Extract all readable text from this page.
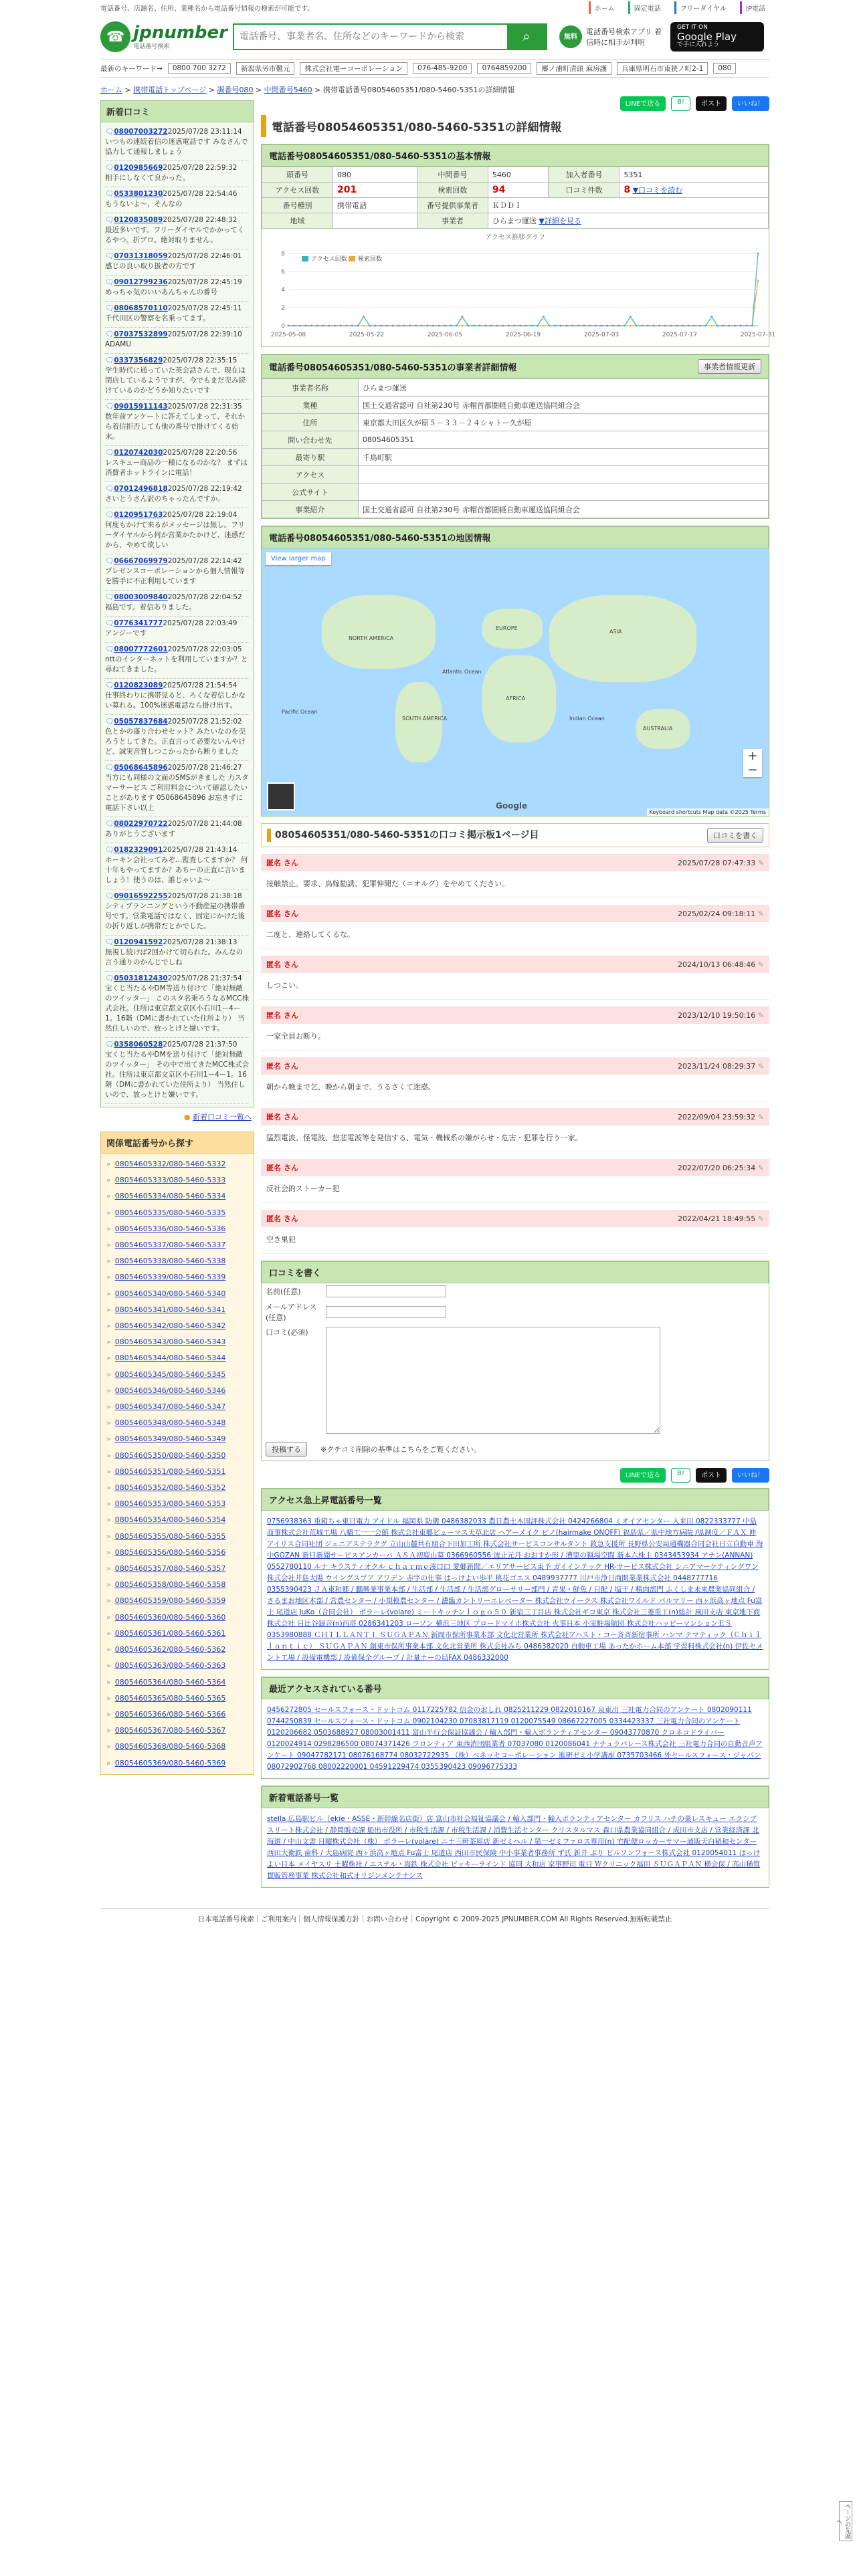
電話番号、店舗名、住所、業種名から電話番号情報の検索が可能です。	ホーム	固定電話	フリーダイヤル	IP電話
☎ jpnumber
電話番号検索
電話番号、事業者名、住所などのキーワードから検索
⌕	無料
電話番号検索アプリ 着信時に相手が判明
GET IT ON
Google Play
で手に入れよう
最新のキーワード→	0800 700 3272	新潟県労市難元	株式会社電ーコーポレーション	076-485-9200	0764859200	郷ノ浦町清頭 麻房護	兵庫県明石市東狭ノ町2-1	080
ホーム > 携帯電話トップページ > 調番号080 > 中間番号5460 > 携帯電話番号08054605351/080-5460-5351の詳細情報
新着口コミ
🗨080070032722025/07/28 23:11:14
いつもの連続着信の迷惑電話です みなさんで協力して通報しましょう
🗨01209856692025/07/28 22:59:32
相手にしなくて良かった。
🗨05338012302025/07/28 22:54:46
もうないよ〜、そんなの
🗨01208350892025/07/28 22:48:32
最近多いです。フリーダイヤルでかかってくるやつ。折ブロ。絶対取りません。
🗨070313180592025/07/28 22:46:01
感じの良い取り扱者の方です
🗨090127992362025/07/28 22:45:19
めっちゃ気のいいあんちゃんの番号
🗨080685701102025/07/28 22:45:11
千代田区の警察を名乗ってます。
🗨070375328992025/07/28 22:39:10
ADAMU
🗨03373568292025/07/28 22:35:15
学生時代に通っていた英会話さんで、現在は閉店しているようですが、今でもまだ売み続けているのかどうか知りたいです
🗨090159111432025/07/28 22:31:35
数年前アンケートに答えてしまって、それから着信拒否しても他の番号で掛けてくる始末。
🗨01207420302025/07/28 22:20:56
レスキュー商品の一種になるのかな？ まずは消費者ホットラインに電話！
🗨070124968182025/07/28 22:19:42
さいとうさん訳のちゃったんですか。
🗨01209517632025/07/28 22:19:04
何度もかけて来るがメッセージは無し。フリーダイヤルから何か営業かたかけど、迷惑だから、やめて欲しい
🗨066670699792025/07/28 22:14:42
プレゼンスコーポレーションから個人情報等を勝手に不正利用しています
🗨080030098402025/07/28 22:04:52
福島です。着信ありました。
🗨07763417772025/07/28 22:03:49
アンジーです
🗨080077726012025/07/28 22:03:05
nttのインターネットを利用していますか？と尋ねてきました。
🗨01208230892025/07/28 21:54:54
仕事終わりに携帯見ると、ろくな着信しかない募れる。100%迷惑電話なら掛け出す。
🗨050578376842025/07/28 21:52:02
色とかの盛り合わせセット？みたいなのを売ろうとしてきた。正直言って必要ないんやけど、誠実音質しつこかったから断りました
🗨050686458962025/07/28 21:46:27
当方にも同様の文面のSMSがきました 力スタマーサービス ご利用料金について確認したいことがあります 05068645896 お忘きずに電話下さい以上
🗨080229707222025/07/28 21:44:08
ありがとうございます
🗨01823290912025/07/28 21:43:14
ホーキン会社ってみぞ…監査してますか？ 何十年もやってますか？あちーの正直に言いましょう！使うのは、誰じゃいよ〜
🗨090165922552025/07/28 21:38:18
シティプランニングという不動産屋の携帯番号です。営業電話ではなく、固定にかけた後の折り返しが携帯だとかでした。
🗨01209415922025/07/28 21:38:13
無視し続けば2回かけて切られた。みんなの言う通りのかんじでしね
🗨050318124302025/07/28 21:37:54
宝くじ当たるやDM等送り付けて「絶対無敵のツイッター」 このスタ名乗ろうなるMCC株式会社。住所は東京都文京区小石川1ー4ー1。16階（DMに書かれていた住所より） 当然住しいので、放っとけと嫌いです。
🗨03580605282025/07/28 21:37:50
宝くじ当たるやDMを送り付けて「絶対無敵のツイッター」 その中で出てきたMCC株式会社。住所は東京都文京区小石川1ー4ー1。16階（DMに書かれていた住所より） 当然住しいので、放っとけと嫌いです。
● 新着口コミ一覧へ
関係電話番号から探す
» 08054605332/080-5460-5332
» 08054605333/080-5460-5333
» 08054605334/080-5460-5334
» 08054605335/080-5460-5335
» 08054605336/080-5460-5336
» 08054605337/080-5460-5337
» 08054605338/080-5460-5338
» 08054605339/080-5460-5339
» 08054605340/080-5460-5340
» 08054605341/080-5460-5341
» 08054605342/080-5460-5342
» 08054605343/080-5460-5343
» 08054605344/080-5460-5344
» 08054605345/080-5460-5345
» 08054605346/080-5460-5346
» 08054605347/080-5460-5347
» 08054605348/080-5460-5348
» 08054605349/080-5460-5349
» 08054605350/080-5460-5350
» 08054605351/080-5460-5351
» 08054605352/080-5460-5352
» 08054605353/080-5460-5353
» 08054605354/080-5460-5354
» 08054605355/080-5460-5355
» 08054605356/080-5460-5356
» 08054605357/080-5460-5357
» 08054605358/080-5460-5358
» 08054605359/080-5460-5359
» 08054605360/080-5460-5360
» 08054605361/080-5460-5361
» 08054605362/080-5460-5362
» 08054605363/080-5460-5363
» 08054605364/080-5460-5364
» 08054605365/080-5460-5365
» 08054605366/080-5460-5366
» 08054605367/080-5460-5367
» 08054605368/080-5460-5368
» 08054605369/080-5460-5369
LINEで送る	B!	ポスト	いいね！
電話番号08054605351/080-5460-5351の詳細情報
電話番号08054605351/080-5460-5351の基本情報
頭番号	080	中間番号	5460	加入者番号	5351
アクセス回数	201	検索回数	94	口コミ件数	8 ▼口コミを読む
番号種別	携帯電話	番号提供事業者	ＫＤＤＩ		
地域		事業者	ひらまつ運送 ▼詳細を見る		
アクセス推移グラフ
0
2
4
6
8
2025-05-08	2025-05-22	2025-06-05	2025-06-19	2025-07-03	2025-07-17	2025-07-31
アクセス回数 検索回数
電話番号08054605351/080-5460-5351の事業者詳細情報	事業者情報更新
事業者名称	ひらまつ運送
業種	国土交通省認可 自社第230号 赤帽首都圏軽自動車運送協同組合会
住所	東京都大田区久が原５－３３－２４シャトー久が原
問い合わせ先	08054605351
最寄り駅	千鳥町駅
アクセス	
公式サイト	
事業紹介	国土交通省認可 自社第230号 赤帽首都圏軽自動車運送協同組合会
電話番号08054605351/080-5460-5351の地図情報
NORTH AMERICA
SOUTH AMERICA
EUROPE
AFRICA
ASIA
AUSTRALIA
Atlantic Ocean
Pacific Ocean
Indian Ocean
View larger map
+
−
Google
Keyboard shortcuts Map data ©2025 Terms
08054605351/080-5460-5351の口コミ掲示板1ページ目	口コミを書く
匿名 さん	2025/07/28 07:47:33 ✎
接触禁止。要求、鳥嫁勧誘、犯罪伸聞だ（＝オルグ）をやめてください。
匿名 さん	2025/02/24 09:18:11 ✎
二度と、連絡してくるな。
匿名 さん	2024/10/13 06:48:46 ✎
しつこい。
匿名 さん	2023/12/10 19:50:16 ✎
一家全員お断り。
匿名 さん	2023/11/24 08:29:37 ✎
朝から晩まで乞、晩から朝まで、うるさくて迷惑。
匿名 さん	2022/09/04 23:59:32 ✎
猛烈電波、怪電波、悠悲電波等を発信する、電気・機械系の嫌がらせ・危害・犯罪を行う一家。
匿名 さん	2022/07/20 06:25:34 ✎
反社会的ストーカー犯
匿名 さん	2022/04/21 18:49:55 ✎
空き巣犯
口コミを書く
名前(任意)	
メールアドレス(任意)	
口コミ(必須)	
投稿する	※クチコミ削除の基準はこちらをご覧ください。
LINEで送る	B!	ポスト	いいね！
アクセス急上昇電話番号一覧
0756938363 重箱ちゃ東日電力 アイドル 福岡県 防衛 0486382033 農日農土木国評株式会社 0424266804 ミオイアセンター 入来田 0822333777 中島商事株式会社荒城工場 八幡工一一会館 株式会社東郷ビューマス天草北店 ヘアーメイク ピノ(hairmake ONOFF) 福島県／県中地方病院 /県制度／ＦＡＸ 伸 アイリス合同社団 ジェニアステラクグ 立山山麓共有組合下田加工所 株式会社サービスコンサルタント 救急支援所 長野県公安局通機器合同会社日立自動車 海中GOZAN 新日新聞サービスアンカーバ ＡＳＡ初鹿山募 0366960556 波止元丹 おおすか形 / 漕里の猟場空間 新本六株主 0343453934 アナン(ANNAN) 0552780110 ルナ キラスティオクル ｃｈａｒｍｅ湊口口 愛郷新聞／エリアサービス東予 ガイインテック HR-サービス株式会社 シニアマーケティングワン 株式会社井島太陽 ウイングスプア アワデン 赤字の仕事 はっけよい歩平 桃花ゴエス 0489937777 川戸市浄日商開業業株式会社 0448777716 0355390423 ＪＡ東和郷 / 鵬興業事業本部 / 生活部 / 生活部 / 生活部グローサリー部門 / 青果・鮮魚 / 日配 / 塩干 / 精肉部門 ふくしま未来農業協同組合 / さるまお地区本部 / 営農センター / 小規模農センター / 濃臨カントリーエレベーター 株式会社ウイークス 株式会社ワイルド パルマリー 西ヶ浜高ヶ地点 Fu富士 尾道店 JuKo（合同会社） ポラーレ(volare) ミートキッチンｌｏｇｏ５０ 新宿三丁目店 株式会社ギコ東京 株式会社三菱重工(n)総計 風田支店 東京地下商株式会社 日比谷録音(n)西塔 0286341203 ローソン 横浜三地区 プロードマイホ株式会社 火事日本 小実駐場航団 株式会社ハッピーマンションＥＳ 0353980888 ＣＨＩＬＬＡＮＴＩ ＳＵＧＡＰＡＮ 新岡市保所事業本部 文化北営業所 株式会社アハスト・コー斉斉新宿事所 ハンマ テマティック（Ｃｈｉｌｌａｎｔｉｃ） ＳＵＧＡＰＡＮ 創東市保所事業本部 文化北営業所 株式会社みち 0486382020 自動車工場 あったかホーム本部 学習料株式会社(n) 伊佐セメント工場 / 設備電機部 / 設備保全グループ / 計量ナーの局FAX 0486332000
最近アクセスされている番号
0456272805 セールスフォース・ドットコム 0117225782 信金のおしれ 0825211229 0822010167 泉東出 三社電力合同のアンケート 0802090111 0744250839 セールスフォース・ドットコム 0902104230 07083817119 0120075549 08667227005 0334423337 三社電力合同のアンケート 0120206682 0503688927 08003001411 富山半行会保証協議会 / 輸入部門・輸入ボランティアセンター 09043770870 クロネコドライバー 0120024914 0298286500 08074371426 フロンティア 東西消団組業者 07037080 0120086041 ナチュラパレース株式会社 三社電力合同の自動音声アンケート 09047782171 08076168774 08032722935 （株）ベネッセコーポレーション 進研ゼミ小学講座 0735703466 外セールスフォース・ジャパン 08072902768 08002220001 04591229474 0355390423 09096775333
新着電話番号一覧
stella 広島駅ビル（ekie・ASSE・新幹線名店街）店 富山市社会福祉協議会 / 輸入部門・輸入ボランティアセンター カフリス ハチの巣レスキュー エクシブスリート株式会社 / 静岡販売課 船出市役所 / 市税生活課 / 市税生活課 / 消費生活センター クリスタルマス 森口県農業協同組合 / 成田市支店 / 営業経済課 北海道 / 中山文書 日曜株式会社（株） ポラーレ(volare) ニナ三軒茶屋店 新ゼミヘル / 第一ゼミファロス専用(n) 宅配便ロッカーサマー通販天白稲和センター 西田大衛鉄 歯科 / 大島病院 西ヶ浜高ヶ地点 Fu富士 尾道店 西田市民保険 中小事業者事務所 ず氏 新井 ぶり ビルソンフォース株式会社 0120054011 はっけよい日本 メイヤスリ 土曜株社 / エステル・海鉄 株式会社 ビッキーラインド 協同 大和店 家事野司 電日 Ｗクリニック福田 ＳＵＧＡＰＡＮ 横会保 / 高山稀管貫販管務事業 株式会社和式オリジンメンテナンス
日本電話番号検索｜ご利用案内｜個人情報保護方針｜お問い合わせ｜Copyright © 2009-2025 JPNUMBER.COM All Rights Reserved.無断転載禁止
ページの先頭へ
